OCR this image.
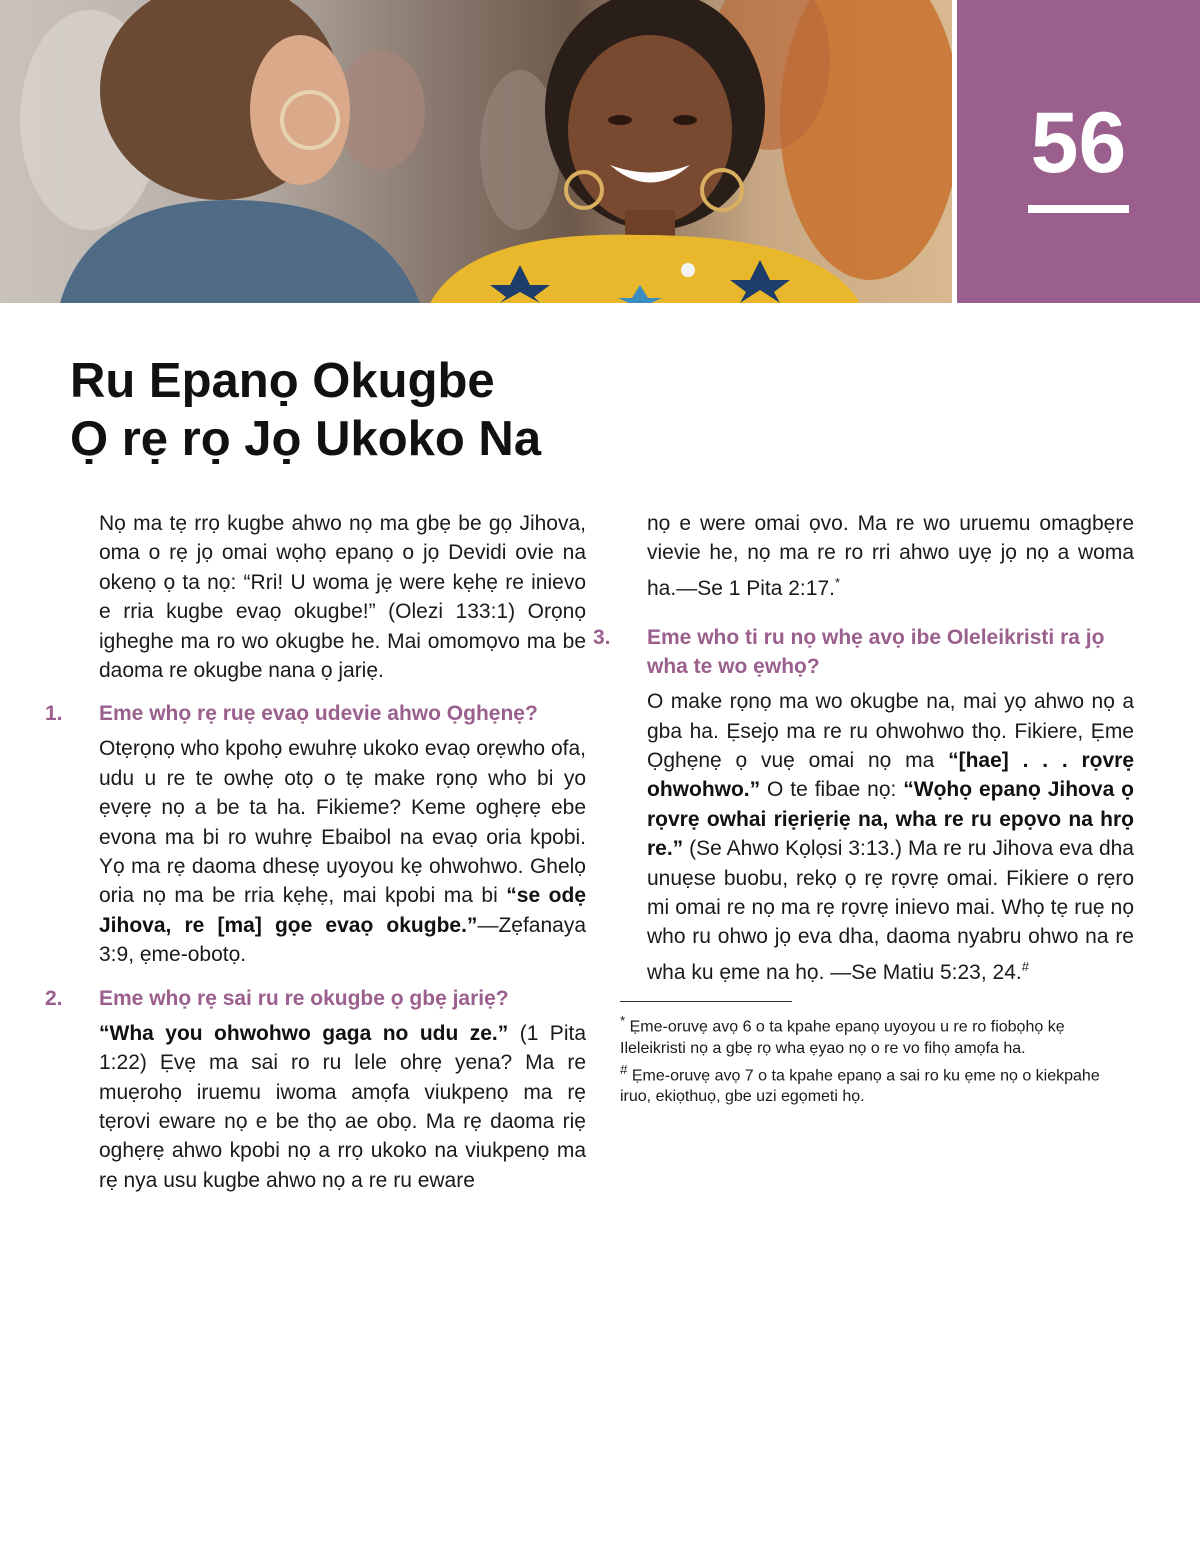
56
Ru Epanọ Okugbe
Ọ rẹ rọ Jọ Ukoko Na

Nọ ma tẹ rrọ kugbe ahwo nọ ma gbẹ be gọ Jihova, oma o rẹ jọ omai wọhọ epanọ o jọ Devidi ovie na okenọ ọ ta nọ: “Rri! U woma jẹ were kẹhẹ re inievo e rria kugbe evaọ okugbe!” (Olezi 133:1) Orọnọ igheghe ma ro wo okugbe he. Mai omomọvo ma be daoma re okugbe nana ọ jariẹ.

1. Eme whọ rẹ ruẹ evaọ udevie ahwo Ọghẹnẹ?

Otẹrọnọ who kpohọ ewuhrẹ ukoko evaọ orẹwho ofa, udu u re te owhẹ otọ o tẹ make rọnọ who bi yo ẹvẹrẹ nọ a be ta ha. Fikieme? Keme oghẹrẹ ebe evona ma bi ro wuhrẹ Ebaibol na evaọ oria kpobi. Yọ ma rẹ daoma dhesẹ uyoyou kẹ ohwohwo. Ghelọ oria nọ ma be rria kẹhẹ, mai kpobi ma bi “se odẹ Jihova, re [ma] gọe evaọ okugbe.”—Zẹfanaya 3:9, ẹme-obotọ.

2. Eme whọ rẹ sai ru re okugbe ọ gbẹ jariẹ?

“Wha you ohwohwo gaga no udu ze.” (1 Pita 1:22) Ẹvẹ ma sai ro ru lele ohrẹ yena? Ma re muẹrohọ iruemu iwoma amọfa viukpenọ ma rẹ tẹrovi eware nọ e be thọ ae obọ. Ma rẹ daoma riẹ oghẹrẹ ahwo kpobi nọ a rrọ ukoko na viukpenọ ma rẹ nya usu kugbe ahwo nọ a re ru eware

nọ e were omai ọvo. Ma re wo uruemu omagbẹre vievie he, nọ ma re ro rri ahwo uyẹ jọ nọ a woma ha.—Se 1 Pita 2:17.*

3. Eme who ti ru nọ whẹ avọ ibe Oleleikristi ra jọ wha te wo ẹwhọ?

O make rọnọ ma wo okugbe na, mai yọ ahwo nọ a gba ha. Ẹsejọ ma re ru ohwohwo thọ. Fikiere, Ẹme Ọghẹnẹ ọ vuẹ omai nọ ma “[hae] . . . rọvrẹ ohwohwo.” O te fibae nọ: “Wọhọ epanọ Jihova ọ rọvrẹ owhai riẹriẹriẹ na, wha re ru epọvo na hrọ re.” (Se Ahwo Kọlọsi 3:13.) Ma re ru Jihova eva dha unuẹse buobu, rekọ ọ rẹ rọvrẹ omai. Fikiere o rẹro mi omai re nọ ma rẹ rọvrẹ inievo mai. Whọ tẹ ruẹ nọ who ru ohwo jọ eva dha, daoma nyabru ohwo na re wha ku ẹme na họ. —Se Matiu 5:23, 24.#

* Ẹme-oruvẹ avọ 6 o ta kpahe epanọ uyoyou u re ro fiobọhọ kẹ Ileleikristi nọ a gbẹ rọ wha ẹyao nọ o re vo fihọ amọfa ha.

# Ẹme-oruvẹ avọ 7 o ta kpahe epanọ a sai ro ku ẹme nọ o kiekpahe iruo, ekiọthuọ, gbe uzi egọmeti họ.
